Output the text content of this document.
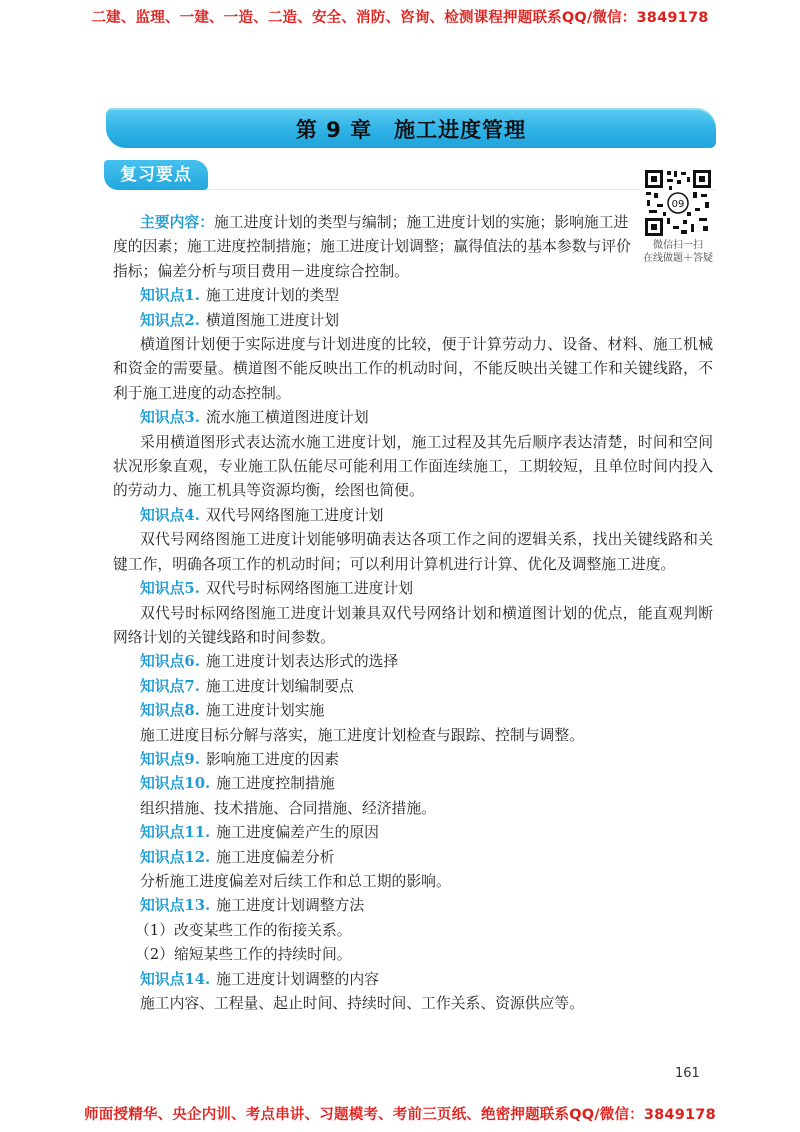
二建、监理、一建、一造、二造、安全、消防、咨询、检测课程押题联系QQ/微信：3849178
第 9 章 施工进度管理
复习要点
09
微信扫一扫
在线做题＋答疑
主要内容：施工进度计划的类型与编制；施工进度计划的实施；影响施工进度的因素；施工进度控制措施；施工进度计划调整；赢得值法的基本参数与评价指标；偏差分析与项目费用－进度综合控制。
知识点1. 施工进度计划的类型
知识点2. 横道图施工进度计划
横道图计划便于实际进度与计划进度的比较，便于计算劳动力、设备、材料、施工机械和资金的需要量。横道图不能反映出工作的机动时间，不能反映出关键工作和关键线路，不利于施工进度的动态控制。
知识点3. 流水施工横道图进度计划
采用横道图形式表达流水施工进度计划，施工过程及其先后顺序表达清楚，时间和空间状况形象直观，专业施工队伍能尽可能利用工作面连续施工，工期较短，且单位时间内投入的劳动力、施工机具等资源均衡，绘图也简便。
知识点4. 双代号网络图施工进度计划
双代号网络图施工进度计划能够明确表达各项工作之间的逻辑关系，找出关键线路和关键工作，明确各项工作的机动时间；可以利用计算机进行计算、优化及调整施工进度。
知识点5. 双代号时标网络图施工进度计划
双代号时标网络图施工进度计划兼具双代号网络计划和横道图计划的优点，能直观判断网络计划的关键线路和时间参数。
知识点6. 施工进度计划表达形式的选择
知识点7. 施工进度计划编制要点
知识点8. 施工进度计划实施
施工进度目标分解与落实，施工进度计划检查与跟踪、控制与调整。
知识点9. 影响施工进度的因素
知识点10. 施工进度控制措施
组织措施、技术措施、合同措施、经济措施。
知识点11. 施工进度偏差产生的原因
知识点12. 施工进度偏差分析
分析施工进度偏差对后续工作和总工期的影响。
知识点13. 施工进度计划调整方法
（1）改变某些工作的衔接关系。
（2）缩短某些工作的持续时间。
知识点14. 施工进度计划调整的内容
施工内容、工程量、起止时间、持续时间、工作关系、资源供应等。
161
师面授精华、央企内训、考点串讲、习题模考、考前三页纸、绝密押题联系QQ/微信：3849178
